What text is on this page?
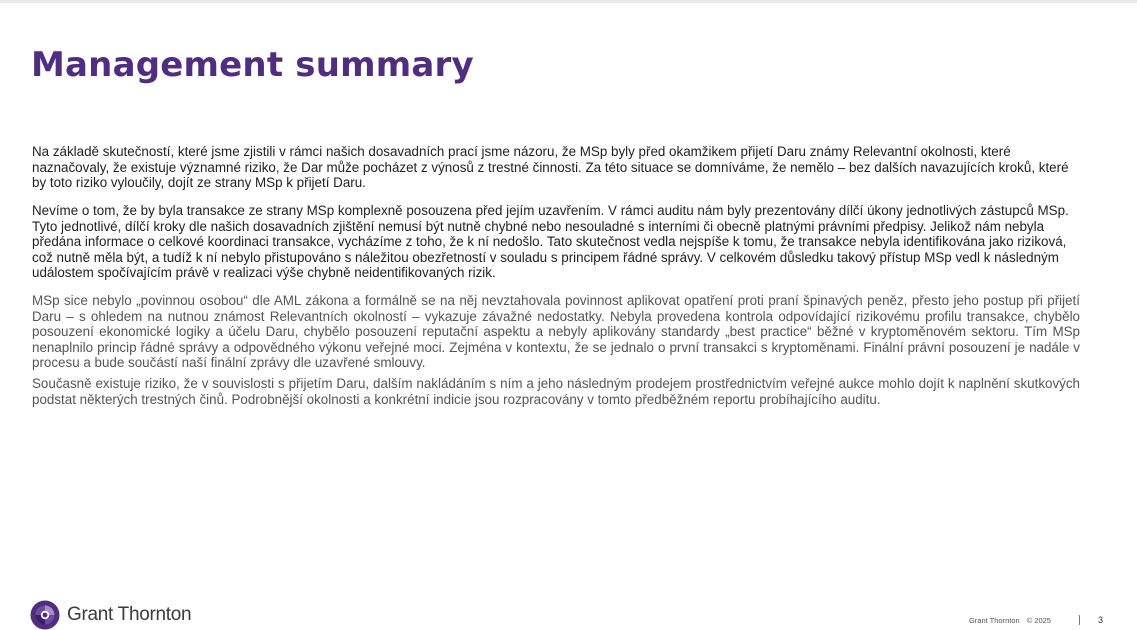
Management summary

Na základě skutečností, které jsme zjistili v rámci našich dosavadních prací jsme názoru, že MSp byly před okamžikem přijetí Daru známy Relevantní okolnosti, které naznačovaly, že existuje významné riziko, že Dar může pocházet z výnosů z trestné činnosti. Za této situace se domníváme, že nemělo – bez dalších navazujících kroků, které by toto riziko vyloučily, dojít ze strany MSp k přijetí Daru.

Nevíme o tom, že by byla transakce ze strany MSp komplexně posouzena před jejím uzavřením. V rámci auditu nám byly prezentovány dílčí úkony jednotlivých zástupců MSp. Tyto jednotlivé, dílčí kroky dle našich dosavadních zjištění nemusí být nutně chybné nebo nesouladné s interními či obecně platnými právními předpisy. Jelikož nám nebyla předána informace o celkové koordinaci transakce, vycházíme z toho, že k ní nedošlo. Tato skutečnost vedla nejspíše k tomu, že transakce nebyla identifikována jako riziková, což nutně měla být, a tudíž k ní nebylo přistupováno s náležitou obezřetností v souladu s principem řádné správy. V celkovém důsledku takový přístup MSp vedl k následným událostem spočívajícím právě v realizaci výše chybně neidentifikovaných rizik.

MSp sice nebylo „povinnou osobou“ dle AML zákona a formálně se na něj nevztahovala povinnost aplikovat opatření proti praní špinavých peněz, přesto jeho postup při přijetí Daru – s ohledem na nutnou známost Relevantních okolností – vykazuje závažné nedostatky. Nebyla provedena kontrola odpovídající rizikovému profilu transakce, chybělo posouzení ekonomické logiky a účelu Daru, chybělo posouzení reputační aspektu a nebyly aplikovány standardy „best practice“ běžné v kryptoměnovém sektoru. Tím MSp nenaplnilo princip řádné správy a odpovědného výkonu veřejné moci. Zejména v kontextu, že se jednalo o první transakci s kryptoměnami. Finální právní posouzení je nadále v procesu a bude součástí naší finální zprávy dle uzavřené smlouvy.

Současně existuje riziko, že v souvislosti s přijetím Daru, dalším nakládáním s ním a jeho následným prodejem prostřednictvím veřejné aukce mohlo dojít k naplnění skutkových podstat některých trestných činů. Podrobnější okolnosti a konkrétní indicie jsou rozpracovány v tomto předběžném reportu probíhajícího auditu.

Grant Thornton	Grant Thornton © 2025	3
